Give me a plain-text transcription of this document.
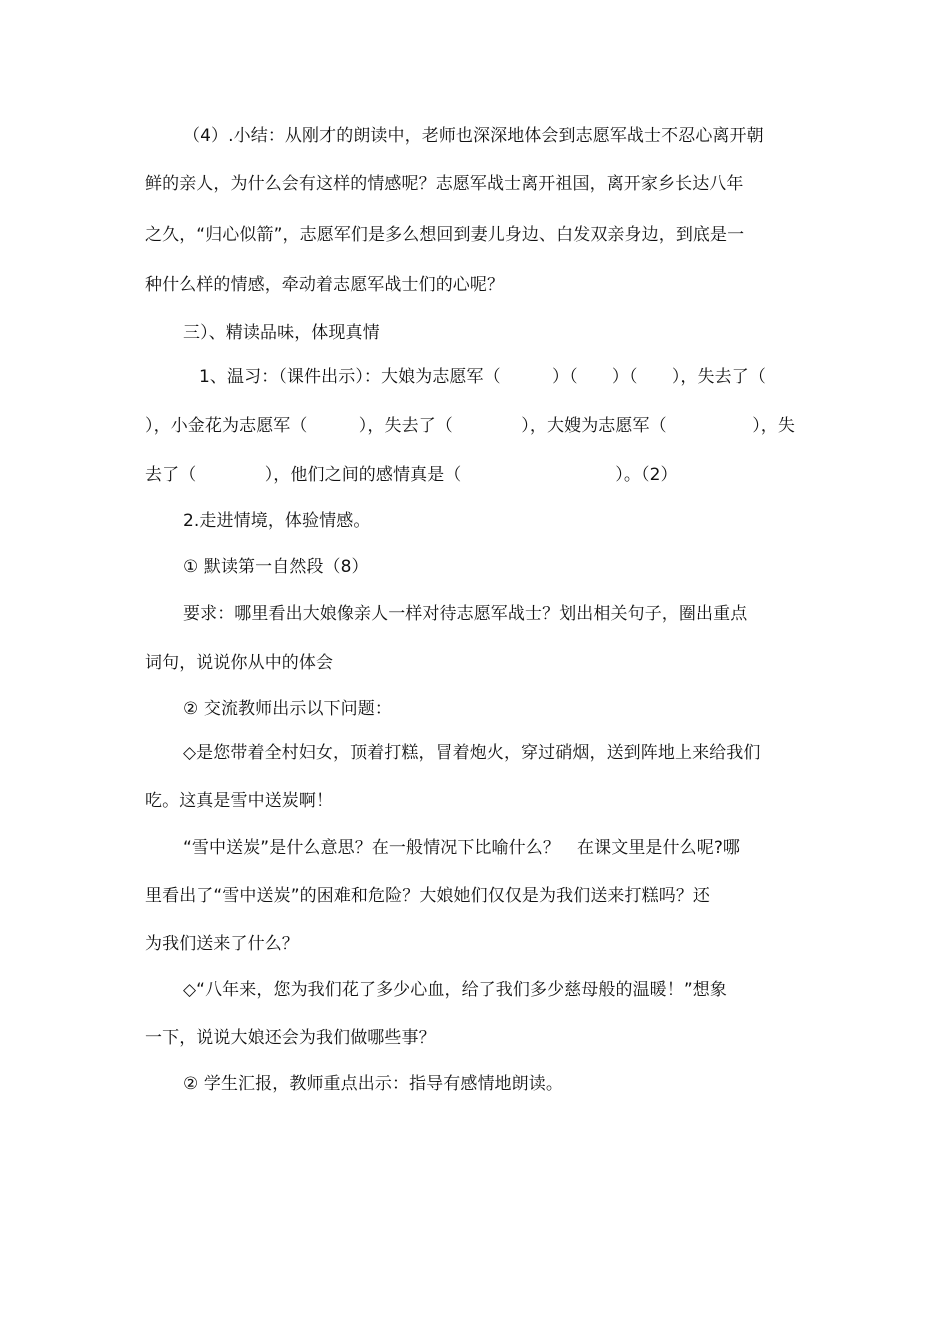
（4）.小结：从刚才的朗读中，老师也深深地体会到志愿军战士不忍心离开朝
鲜的亲人，为什么会有这样的情感呢？志愿军战士离开祖国，离开家乡长达八年
之久，“归心似箭”，志愿军们是多么想回到妻儿身边、白发双亲身边，到底是一
种什么样的情感，牵动着志愿军战士们的心呢？
三）、精读品味，体现真情
1、温习：（课件出示）：大娘为志愿军（　　　）（　　）（　　），失去了（
），小金花为志愿军（　　　），失去了（　　　　），大嫂为志愿军（　　　　　），失
去了（　　　　），他们之间的感情真是（　　　　　　　　　）。（2）
2.走进情境，体验情感。
① 默读第一自然段（8）
要求：哪里看出大娘像亲人一样对待志愿军战士？划出相关句子，圈出重点
词句，说说你从中的体会
② 交流教师出示以下问题：
◇是您带着全村妇女，顶着打糕，冒着炮火，穿过硝烟，送到阵地上来给我们
吃。这真是雪中送炭啊！
“雪中送炭”是什么意思？在一般情况下比喻什么？　在课文里是什么呢?哪
里看出了“雪中送炭”的困难和危险？大娘她们仅仅是为我们送来打糕吗？还
为我们送来了什么？
◇“八年来，您为我们花了多少心血，给了我们多少慈母般的温暖！”想象
一下，说说大娘还会为我们做哪些事？
② 学生汇报，教师重点出示：指导有感情地朗读。
